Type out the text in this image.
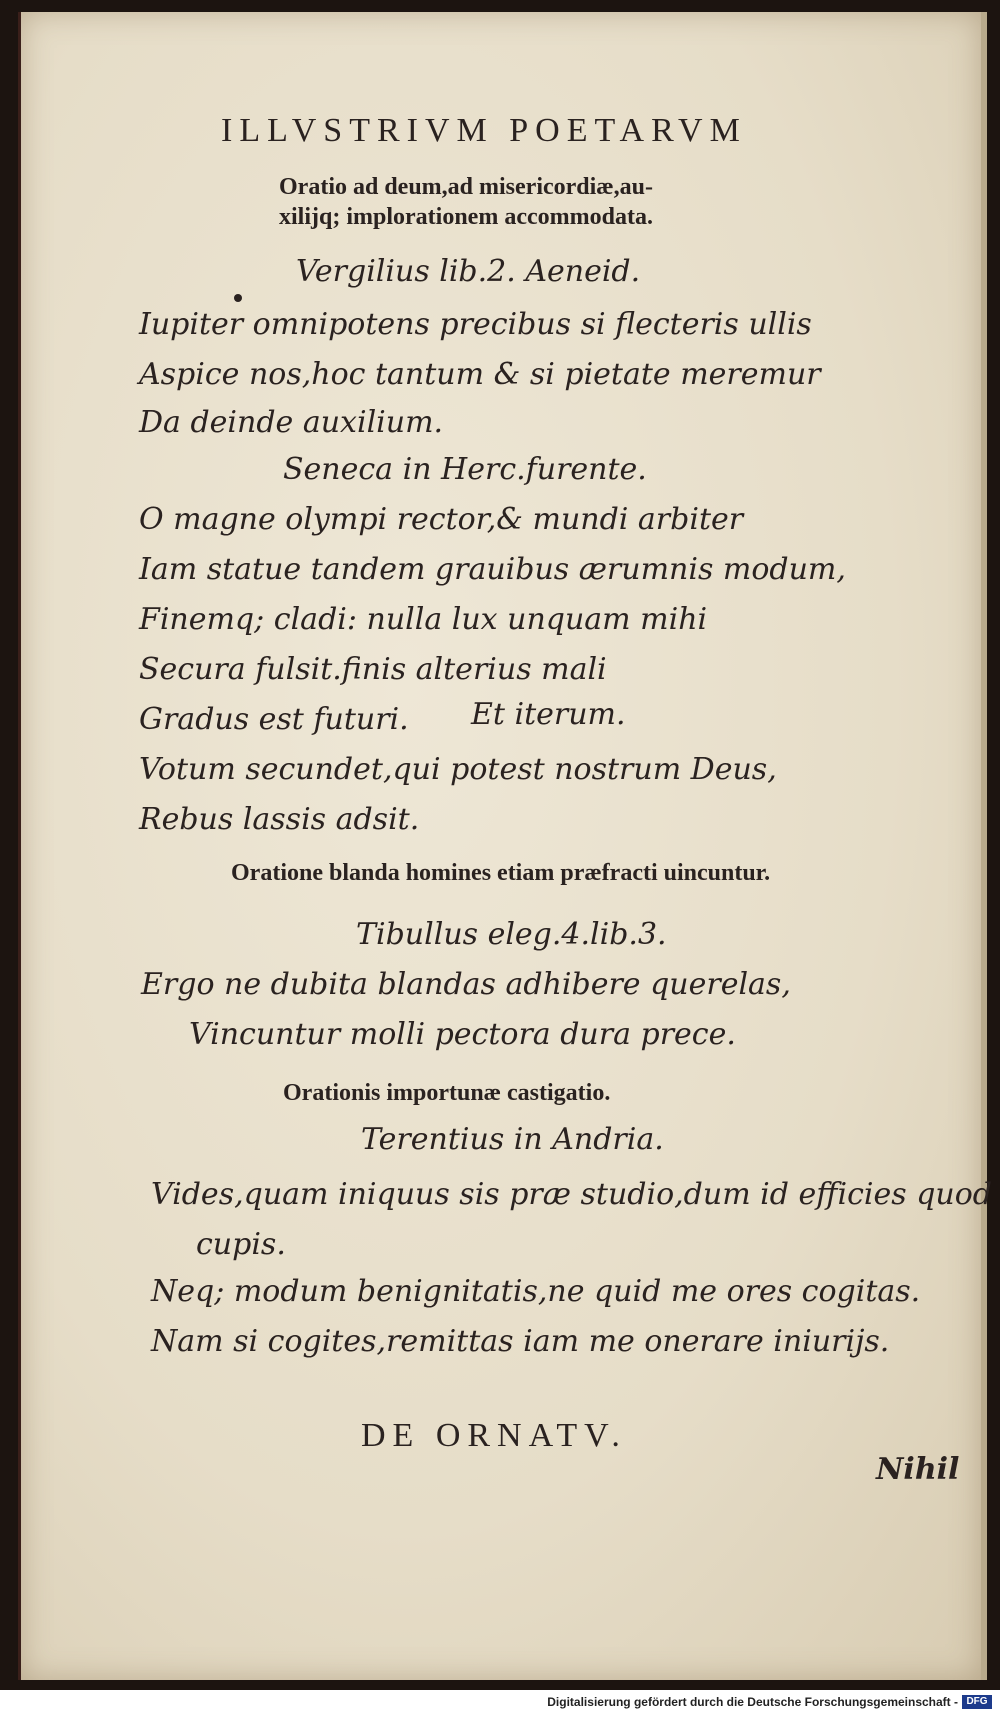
ILLVSTRIVM POETARVM
Oratio ad deum,ad misericordiæ,au-
xilijq; implorationem accommodata.
Vergilius lib.2. Aeneid.
Iupiter omnipotens precibus si flecteris ullis
Aspice nos,hoc tantum & si pietate meremur
Da deinde auxilium.
Seneca in Herc.furente.
O magne olympi rector,& mundi arbiter
Iam statue tandem grauibus ærumnis modum,
Finemq; cladi: nulla lux unquam mihi
Secura fulsit.finis alterius mali
Gradus est futuri. Et iterum.
Votum secundet,qui potest nostrum Deus,
Rebus lassis adsit.
Oratione blanda homines etiam præfracti uincuntur.
Tibullus eleg.4.lib.3.
Ergo ne dubita blandas adhibere querelas,
Vincuntur molli pectora dura prece.
Orationis importunæ castigatio.
Terentius in Andria.
Vides,quam iniquus sis præ studio,dum id efficies quod
cupis.
Neq; modum benignitatis,ne quid me ores cogitas.
Nam si cogites,remittas iam me onerare iniurijs.
DE ORNATV.
Nihil
Digitalisierung gefördert durch die Deutsche Forschungsgemeinschaft - DFG
